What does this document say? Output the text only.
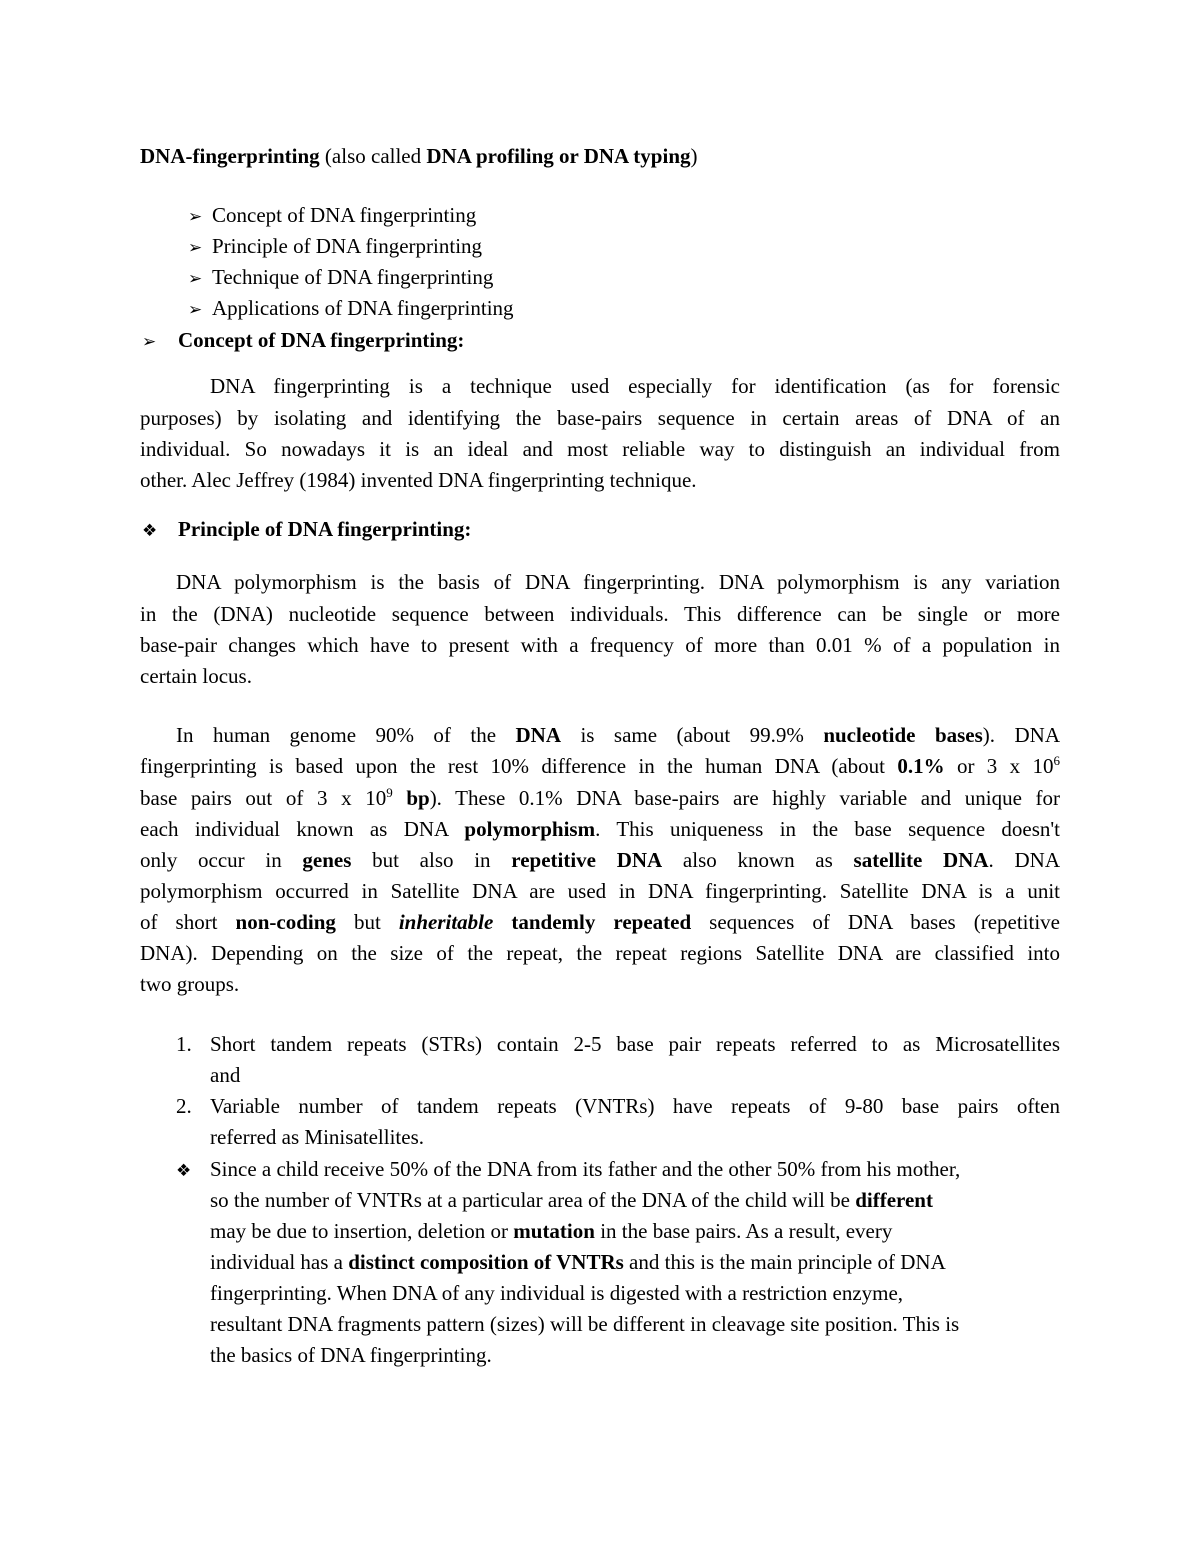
DNA-fingerprinting (also called DNA profiling or DNA typing)
➢ Concept of DNA fingerprinting
➢ Principle of DNA fingerprinting
➢ Technique of DNA fingerprinting
➢ Applications of DNA fingerprinting
➢ Concept of DNA fingerprinting:
DNA fingerprinting is a technique used especially for identification (as for forensic
purposes) by isolating and identifying the base-pairs sequence in certain areas of DNA of an
individual. So nowadays it is an ideal and most reliable way to distinguish an individual from
other. Alec Jeffrey (1984) invented DNA fingerprinting technique.
❖ Principle of DNA fingerprinting:
DNA polymorphism is the basis of DNA fingerprinting. DNA polymorphism is any variation
in the (DNA) nucleotide sequence between individuals. This difference can be single or more
base-pair changes which have to present with a frequency of more than 0.01 % of a population in
certain locus.
In human genome 90% of the DNA is same (about 99.9% nucleotide bases). DNA
fingerprinting is based upon the rest 10% difference in the human DNA (about 0.1% or 3 x $10^6$
base pairs out of 3 x $10^9$ bp). These 0.1% DNA base-pairs are highly variable and unique for
each individual known as DNA polymorphism. This uniqueness in the base sequence doesn't
only occur in genes but also in repetitive DNA also known as satellite DNA. DNA
polymorphism occurred in Satellite DNA are used in DNA fingerprinting. Satellite DNA is a unit
of short non-coding but inheritable tandemly repeated sequences of DNA bases (repetitive
DNA). Depending on the size of the repeat, the repeat regions Satellite DNA are classified into
two groups.
1. Short tandem repeats (STRs) contain 2-5 base pair repeats referred to as Microsatellites
and
2. Variable number of tandem repeats (VNTRs) have repeats of 9-80 base pairs often
referred as Minisatellites.
❖ Since a child receive 50% of the DNA from its father and the other 50% from his mother,
so the number of VNTRs at a particular area of the DNA of the child will be different
may be due to insertion, deletion or mutation in the base pairs. As a result, every
individual has a distinct composition of VNTRs and this is the main principle of DNA
fingerprinting. When DNA of any individual is digested with a restriction enzyme,
resultant DNA fragments pattern (sizes) will be different in cleavage site position. This is
the basics of DNA fingerprinting.
